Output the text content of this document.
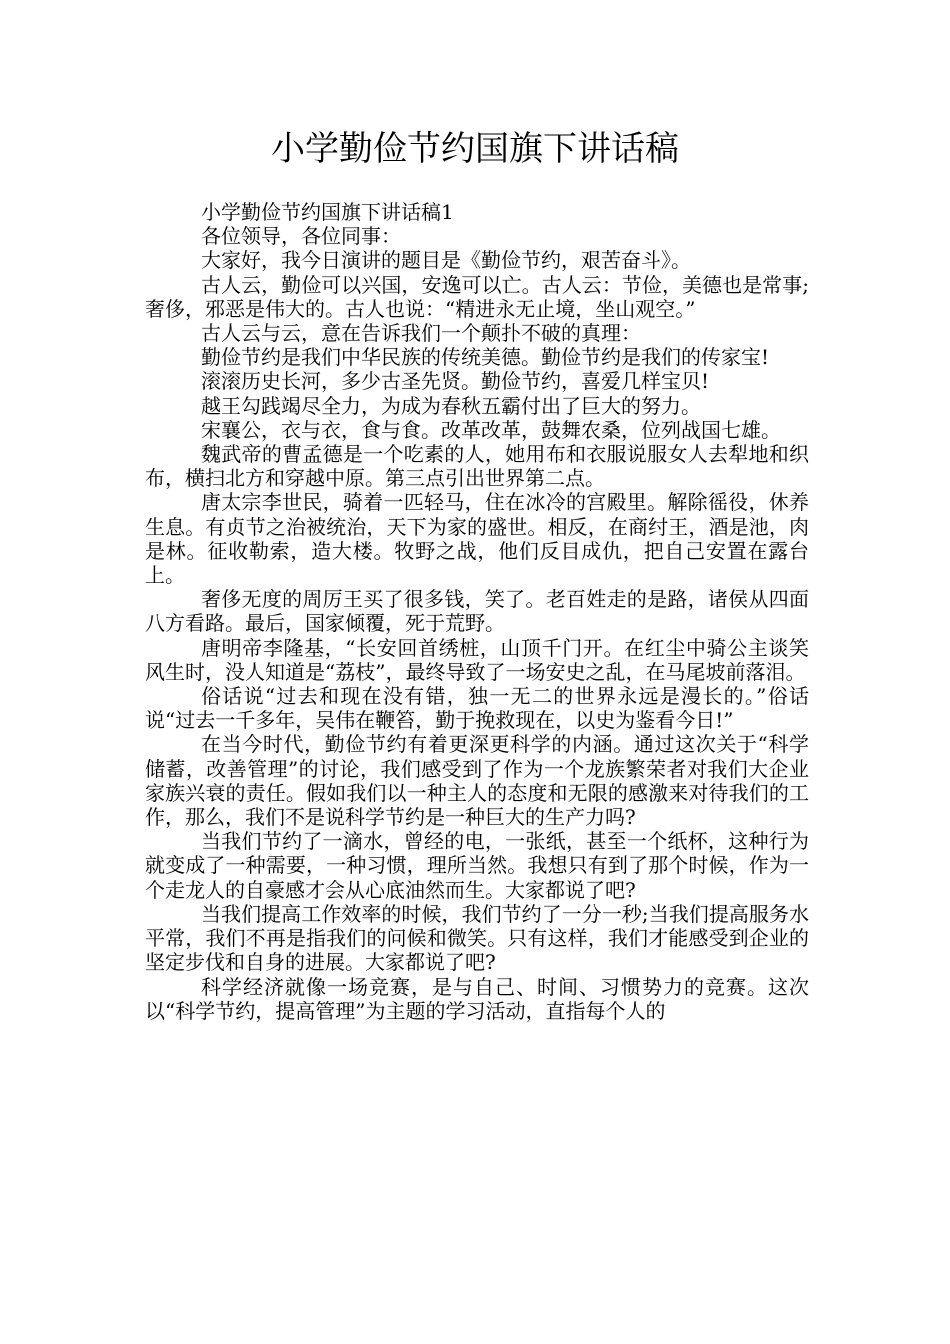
小学勤俭节约国旗下讲话稿

小学勤俭节约国旗下讲话稿1

各位领导，各位同事：

大家好，我今日演讲的题目是《勤俭节约，艰苦奋斗》。

古人云，勤俭可以兴国，安逸可以亡。古人云：节俭，美德也是常事;奢侈，邪恶是伟大的。古人也说：“精进永无止境，坐山观空。”

古人云与云，意在告诉我们一个颠扑不破的真理：

勤俭节约是我们中华民族的传统美德。勤俭节约是我们的传家宝!

滚滚历史长河，多少古圣先贤。勤俭节约，喜爱几样宝贝!

越王勾践竭尽全力，为成为春秋五霸付出了巨大的努力。

宋襄公，衣与衣，食与食。改革改革，鼓舞农桑，位列战国七雄。

魏武帝的曹孟德是一个吃素的人，她用布和衣服说服女人去犁地和织布，横扫北方和穿越中原。第三点引出世界第二点。

唐太宗李世民，骑着一匹轻马，住在冰冷的宫殿里。解除徭役，休养生息。有贞节之治被统治，天下为家的盛世。相反，在商纣王，酒是池，肉是林。征收勒索，造大楼。牧野之战，他们反目成仇，把自己安置在露台上。

奢侈无度的周厉王买了很多钱，笑了。老百姓走的是路，诸侯从四面八方看路。最后，国家倾覆，死于荒野。

唐明帝李隆基，“长安回首绣桩，山顶千门开。在红尘中骑公主谈笑风生时，没人知道是“荔枝”，最终导致了一场安史之乱，在马尾坡前落泪。

俗话说“过去和现在没有错，独一无二的世界永远是漫长的。”俗话说“过去一千多年，吴伟在鞭笞，勤于挽救现在，以史为鉴看今日!”

在当今时代，勤俭节约有着更深更科学的内涵。通过这次关于“科学储蓄，改善管理”的讨论，我们感受到了作为一个龙族繁荣者对我们大企业家族兴衰的责任。假如我们以一种主人的态度和无限的感激来对待我们的工作，那么，我们不是说科学节约是一种巨大的生产力吗?

当我们节约了一滴水，曾经的电，一张纸，甚至一个纸杯，这种行为就变成了一种需要，一种习惯，理所当然。我想只有到了那个时候，作为一个走龙人的自豪感才会从心底油然而生。大家都说了吧?

当我们提高工作效率的时候，我们节约了一分一秒;当我们提高服务水平常，我们不再是指我们的问候和微笑。只有这样，我们才能感受到企业的坚定步伐和自身的进展。大家都说了吧?

科学经济就像一场竞赛，是与自己、时间、习惯势力的竞赛。这次以“科学节约，提高管理”为主题的学习活动，直指每个人的
